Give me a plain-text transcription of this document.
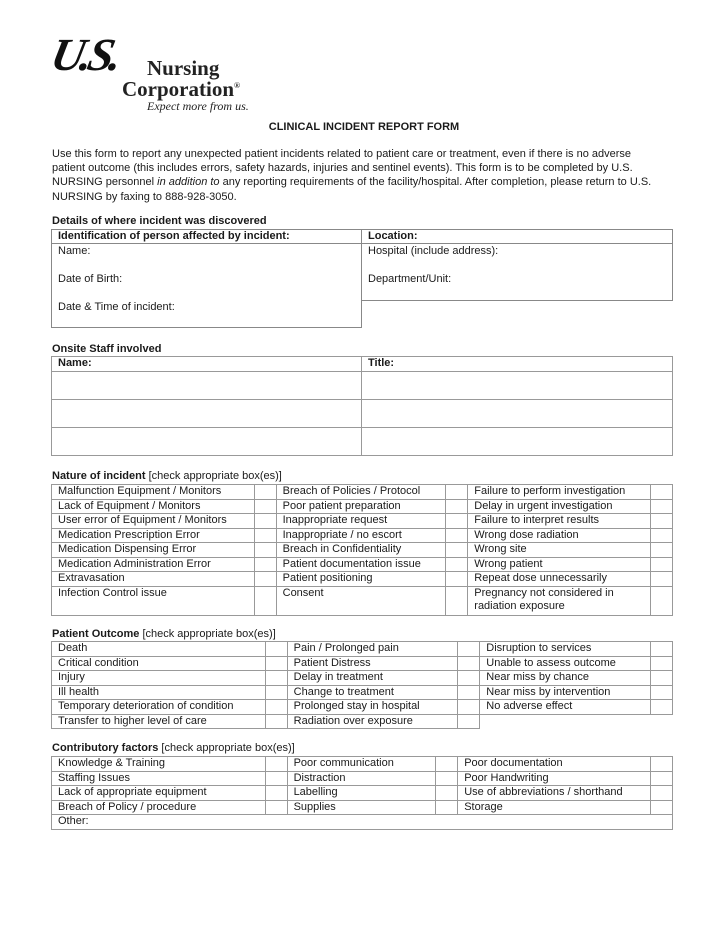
U.S. Nursing
Corporation®
Expect more from us.
CLINICAL INCIDENT REPORT FORM
Use this form to report any unexpected patient incidents related to patient care or treatment, even if there is no adverse patient outcome (this includes errors, safety hazards, injuries and sentinel events). This form is to be completed by U.S. NURSING personnel in addition to any reporting requirements of the facility/hospital. After completion, please return to U.S. NURSING by faxing to 888-928-3050.
Details of where incident was discovered
Identification of person affected by incident:
Name:
Date of Birth:
Date & Time of incident:
Location:
Hospital (include address):
Department/Unit:
Onsite Staff involved
Name:	Title:

Nature of incident [check appropriate box(es)]
Malfunction Equipment / Monitors		Breach of Policies / Protocol		Failure to perform investigation	
Lack of Equipment / Monitors		Poor patient preparation		Delay in urgent investigation	
User error of Equipment / Monitors		Inappropriate request		Failure to interpret results	
Medication Prescription Error		Inappropriate / no escort		Wrong dose radiation	
Medication Dispensing Error		Breach in Confidentiality		Wrong site	
Medication Administration Error		Patient documentation issue		Wrong patient	
Extravasation		Patient positioning		Repeat dose unnecessarily	
Infection Control issue		Consent		Pregnancy not considered in
radiation exposure	
Patient Outcome [check appropriate box(es)]
Death		Pain / Prolonged pain		Disruption to services	
Critical condition		Patient Distress		Unable to assess outcome	
Injury		Delay in treatment		Near miss by chance	
Ill health		Change to treatment		Near miss by intervention	
Temporary deterioration of condition		Prolonged stay in hospital		No adverse effect	
Transfer to higher level of care		Radiation over exposure			
Contributory factors [check appropriate box(es)]
Knowledge & Training		Poor communication		Poor documentation	
Staffing Issues		Distraction		Poor Handwriting	
Lack of appropriate equipment		Labelling		Use of abbreviations / shorthand	
Breach of Policy / procedure		Supplies		Storage	
Other:					
